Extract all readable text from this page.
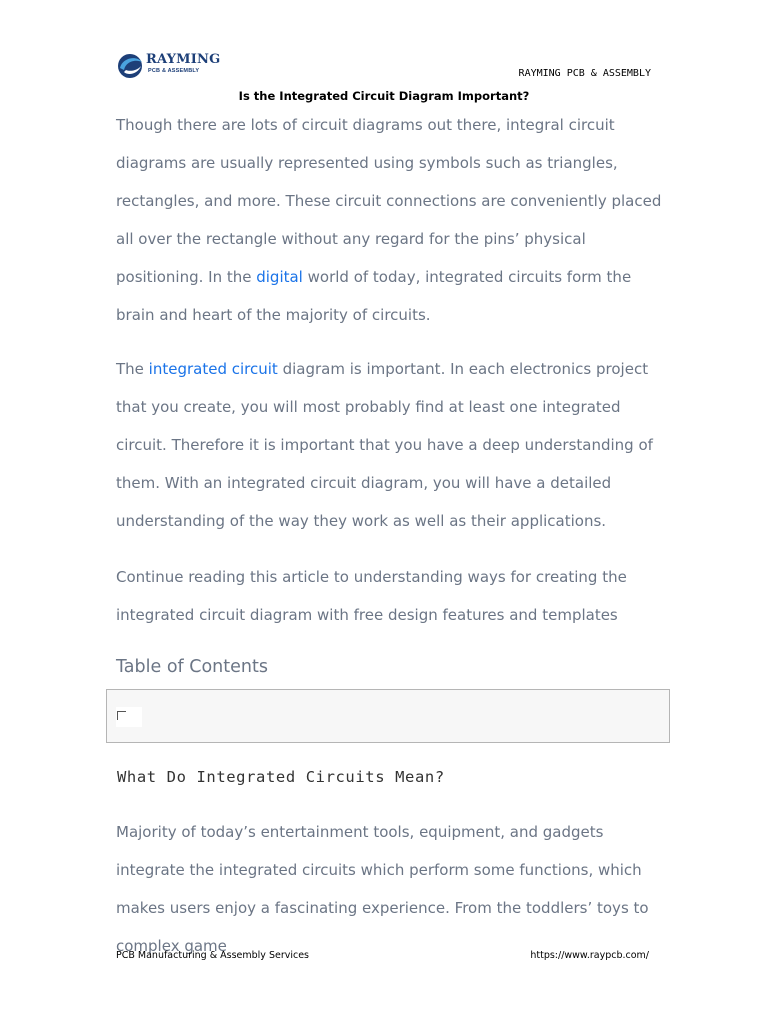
RAYMING
PCB & ASSEMBLY	RAYMING PCB & ASSEMBLY
Is the Integrated Circuit Diagram Important?

Though there are lots of circuit diagrams out there, integral circuit diagrams are usually represented using symbols such as triangles, rectangles, and more. These circuit connections are conveniently placed all over the rectangle without any regard for the pins’ physical positioning. In the digital world of today, integrated circuits form the brain and heart of the majority of circuits.

The integrated circuit diagram is important. In each electronics project that you create, you will most probably find at least one integrated circuit. Therefore it is important that you have a deep understanding of them. With an integrated circuit diagram, you will have a detailed understanding of the way they work as well as their applications.

Continue reading this article to understanding ways for creating the integrated circuit diagram with free design features and templates

Table of Contents
What Do Integrated Circuits Mean?

Majority of today’s entertainment tools, equipment, and gadgets integrate the integrated circuits which perform some functions, which makes users enjoy a fascinating experience. From the toddlers’ toys to complex game

PCB Manufacturing & Assembly Services	https://www.raypcb.com/
